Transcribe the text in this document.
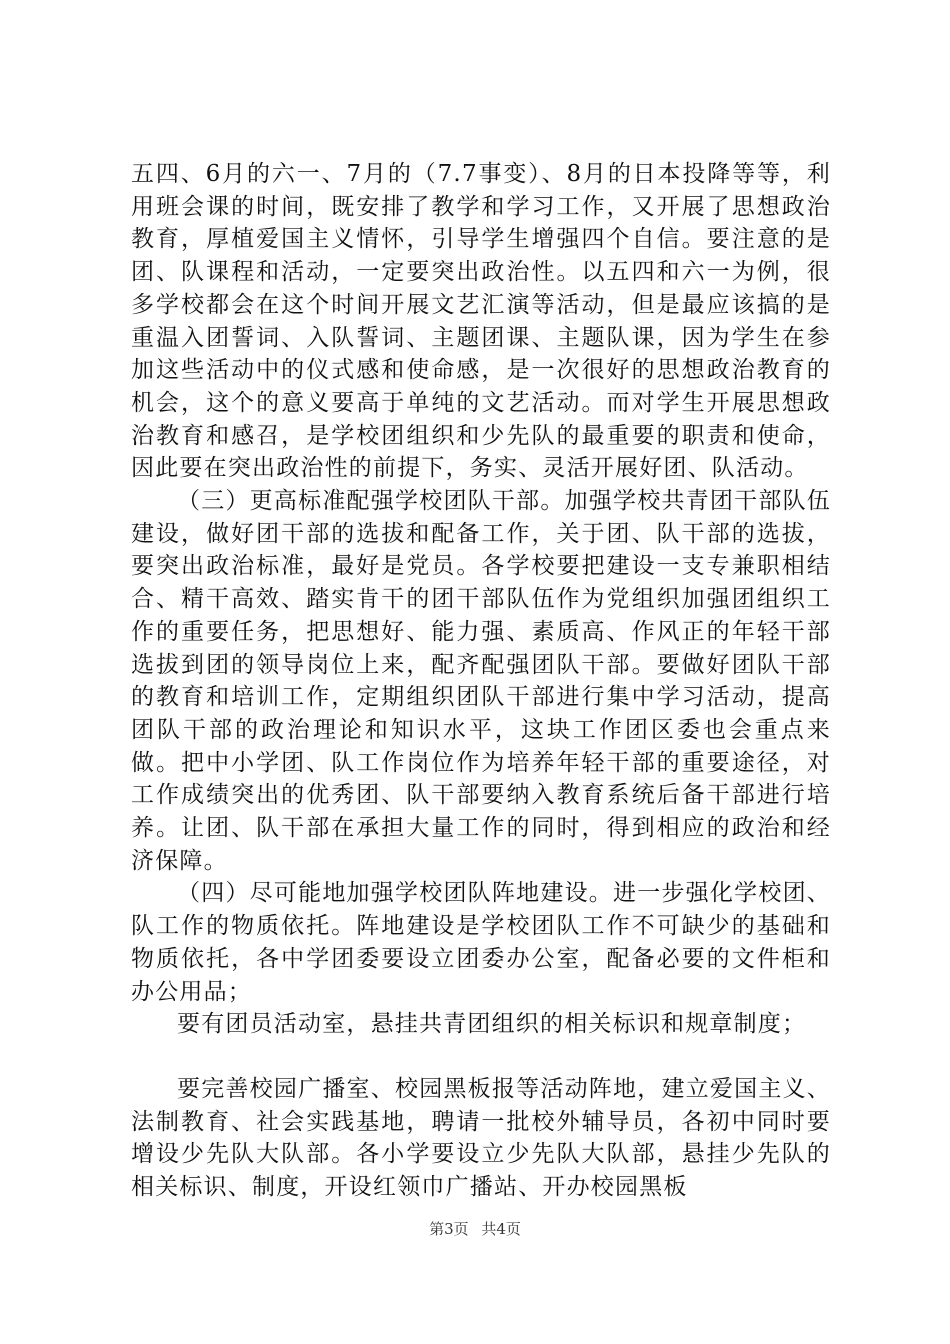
五四、6月的六一、7月的（7.7事变）、8月的日本投降等等，利用班会课的时间，既安排了教学和学习工作，又开展了思想政治教育，厚植爱国主义情怀，引导学生增强四个自信。要注意的是团、队课程和活动，一定要突出政治性。以五四和六一为例，很多学校都会在这个时间开展文艺汇演等活动，但是最应该搞的是重温入团誓词、入队誓词、主题团课、主题队课，因为学生在参加这些活动中的仪式感和使命感，是一次很好的思想政治教育的机会，这个的意义要高于单纯的文艺活动。而对学生开展思想政治教育和感召，是学校团组织和少先队的最重要的职责和使命，因此要在突出政治性的前提下，务实、灵活开展好团、队活动。

（三）更高标准配强学校团队干部。加强学校共青团干部队伍建设，做好团干部的选拔和配备工作，关于团、队干部的选拔，要突出政治标准，最好是党员。各学校要把建设一支专兼职相结合、精干高效、踏实肯干的团干部队伍作为党组织加强团组织工作的重要任务，把思想好、能力强、素质高、作风正的年轻干部选拔到团的领导岗位上来，配齐配强团队干部。要做好团队干部的教育和培训工作，定期组织团队干部进行集中学习活动，提高团队干部的政治理论和知识水平，这块工作团区委也会重点来做。把中小学团、队工作岗位作为培养年轻干部的重要途径，对工作成绩突出的优秀团、队干部要纳入教育系统后备干部进行培养。让团、队干部在承担大量工作的同时，得到相应的政治和经济保障。

（四）尽可能地加强学校团队阵地建设。进一步强化学校团、队工作的物质依托。阵地建设是学校团队工作不可缺少的基础和物质依托，各中学团委要设立团委办公室，配备必要的文件柜和办公用品；

要有团员活动室，悬挂共青团组织的相关标识和规章制度；

要完善校园广播室、校园黑板报等活动阵地，建立爱国主义、法制教育、社会实践基地，聘请一批校外辅导员，各初中同时要增设少先队大队部。各小学要设立少先队大队部，悬挂少先队的相关标识、制度，开设红领巾广播站、开办校园黑板

第3页 共4页
